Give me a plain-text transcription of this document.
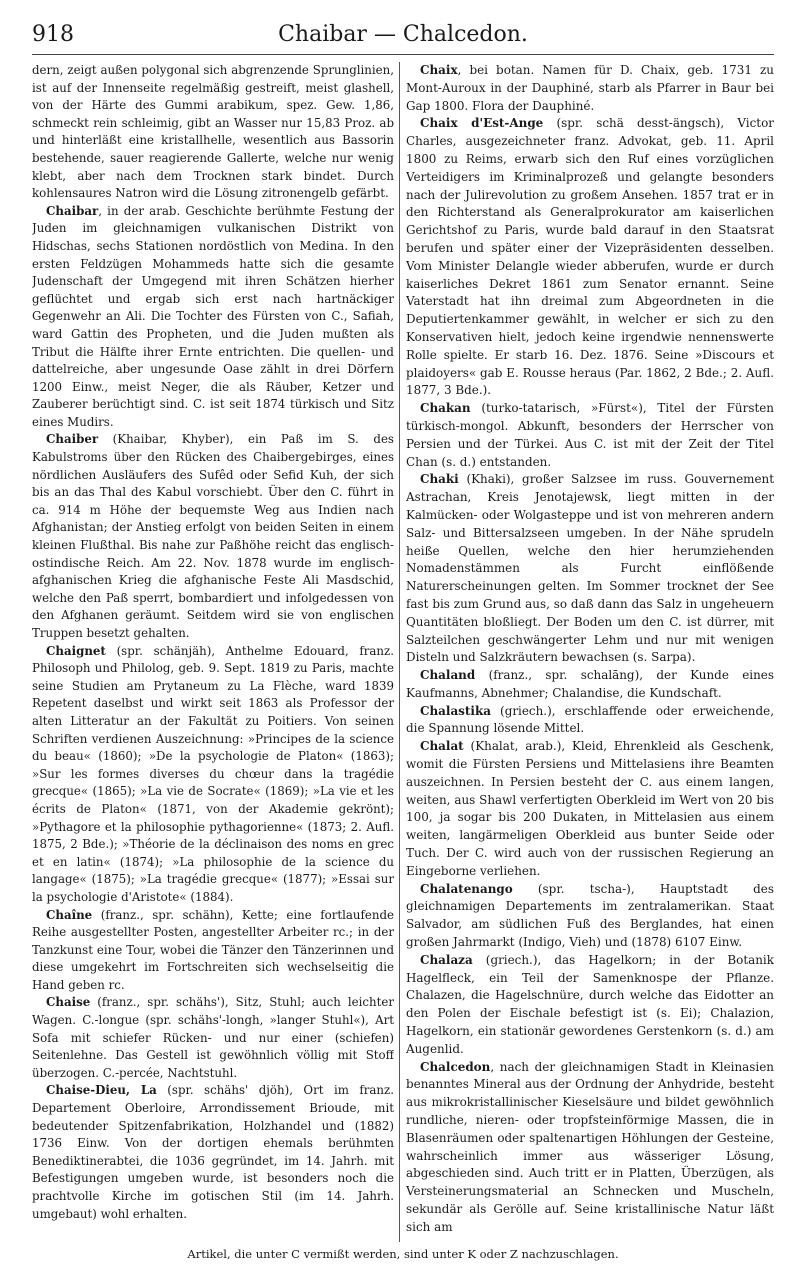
918	Chaibar — Chalcedon.

dern, zeigt außen polygonal sich abgrenzende Sprunglinien, ist auf der Innenseite regelmäßig gestreift, meist glashell, von der Härte des Gummi arabikum, spez. Gew. 1,86, schmeckt rein schleimig, gibt an Wasser nur 15,83 Proz. ab und hinterläßt eine kristallhelle, wesentlich aus Bassorin bestehende, sauer reagierende Gallerte, welche nur wenig klebt, aber nach dem Trocknen stark bindet. Durch kohlensaures Natron wird die Lösung zitronengelb gefärbt.

Chaibar, in der arab. Geschichte berühmte Festung der Juden im gleichnamigen vulkanischen Distrikt von Hidschas, sechs Stationen nordöstlich von Medina. In den ersten Feldzügen Mohammeds hatte sich die gesamte Judenschaft der Umgegend mit ihren Schätzen hierher geflüchtet und ergab sich erst nach hartnäckiger Gegenwehr an Ali. Die Tochter des Fürsten von C., Safiah, ward Gattin des Propheten, und die Juden mußten als Tribut die Hälfte ihrer Ernte entrichten. Die quellen- und dattelreiche, aber ungesunde Oase zählt in drei Dörfern 1200 Einw., meist Neger, die als Räuber, Ketzer und Zauberer berüchtigt sind. C. ist seit 1874 türkisch und Sitz eines Mudirs.

Chaiber (Khaibar, Khyber), ein Paß im S. des Kabulstroms über den Rücken des Chaibergebirges, eines nördlichen Ausläufers des Sufêd oder Sefid Kuh, der sich bis an das Thal des Kabul vorschiebt. Über den C. führt in ca. 914 m Höhe der bequemste Weg aus Indien nach Afghanistan; der Anstieg erfolgt von beiden Seiten in einem kleinen Flußthal. Bis nahe zur Paßhöhe reicht das englisch-ostindische Reich. Am 22. Nov. 1878 wurde im englisch-afghanischen Krieg die afghanische Feste Ali Masdschid, welche den Paß sperrt, bombardiert und infolgedessen von den Afghanen geräumt. Seitdem wird sie von englischen Truppen besetzt gehalten.

Chaignet (spr. schänjäh), Anthelme Edouard, franz. Philosoph und Philolog, geb. 9. Sept. 1819 zu Paris, machte seine Studien am Prytaneum zu La Flèche, ward 1839 Repetent daselbst und wirkt seit 1863 als Professor der alten Litteratur an der Fakultät zu Poitiers. Von seinen Schriften verdienen Auszeichnung: »Principes de la science du beau« (1860); »De la psychologie de Platon« (1863); »Sur les formes diverses du chœur dans la tragédie grecque« (1865); »La vie de Socrate« (1869); »La vie et les écrits de Platon« (1871, von der Akademie gekrönt); »Pythagore et la philosophie pythagorienne« (1873; 2. Aufl. 1875, 2 Bde.); »Théorie de la déclinaison des noms en grec et en latin« (1874); »La philosophie de la science du langage« (1875); »La tragédie grecque« (1877); »Essai sur la psychologie d'Aristote« (1884).

Chaîne (franz., spr. schähn), Kette; eine fortlaufende Reihe ausgestellter Posten, angestellter Arbeiter rc.; in der Tanzkunst eine Tour, wobei die Tänzer den Tänzerinnen und diese umgekehrt im Fortschreiten sich wechselseitig die Hand geben rc.

Chaise (franz., spr. schähs'), Sitz, Stuhl; auch leichter Wagen. C.-longue (spr. schähs'-longh, »langer Stuhl«), Art Sofa mit schiefer Rücken- und nur einer (schiefen) Seitenlehne. Das Gestell ist gewöhnlich völlig mit Stoff überzogen. C.-percée, Nachtstuhl.

Chaise-Dieu, La (spr. schähs' djöh), Ort im franz. Departement Oberloire, Arrondissement Brioude, mit bedeutender Spitzenfabrikation, Holzhandel und (1882) 1736 Einw. Von der dortigen ehemals berühmten Benediktinerabtei, die 1036 gegründet, im 14. Jahrh. mit Befestigungen umgeben wurde, ist besonders noch die prachtvolle Kirche im gotischen Stil (im 14. Jahrh. umgebaut) wohl erhalten.

Chaix, bei botan. Namen für D. Chaix, geb. 1731 zu Mont-Auroux in der Dauphiné, starb als Pfarrer in Baur bei Gap 1800. Flora der Dauphiné.

Chaix d'Est-Ange (spr. schä desst-ängsch), Victor Charles, ausgezeichneter franz. Advokat, geb. 11. April 1800 zu Reims, erwarb sich den Ruf eines vorzüglichen Verteidigers im Kriminalprozeß und gelangte besonders nach der Julirevolution zu großem Ansehen. 1857 trat er in den Richterstand als Generalprokurator am kaiserlichen Gerichtshof zu Paris, wurde bald darauf in den Staatsrat berufen und später einer der Vizepräsidenten desselben. Vom Minister Delangle wieder abberufen, wurde er durch kaiserliches Dekret 1861 zum Senator ernannt. Seine Vaterstadt hat ihn dreimal zum Abgeordneten in die Deputiertenkammer gewählt, in welcher er sich zu den Konservativen hielt, jedoch keine irgendwie nennenswerte Rolle spielte. Er starb 16. Dez. 1876. Seine »Discours et plaidoyers« gab E. Rousse heraus (Par. 1862, 2 Bde.; 2. Aufl. 1877, 3 Bde.).

Chakan (turko-tatarisch, »Fürst«), Titel der Fürsten türkisch-mongol. Abkunft, besonders der Herrscher von Persien und der Türkei. Aus C. ist mit der Zeit der Titel Chan (s. d.) entstanden.

Chaki (Khaki), großer Salzsee im russ. Gouvernement Astrachan, Kreis Jenotajewsk, liegt mitten in der Kalmücken- oder Wolgasteppe und ist von mehreren andern Salz- und Bittersalzseen umgeben. In der Nähe sprudeln heiße Quellen, welche den hier herumziehenden Nomadenstämmen als Furcht einflößende Naturerscheinungen gelten. Im Sommer trocknet der See fast bis zum Grund aus, so daß dann das Salz in ungeheuern Quantitäten bloßliegt. Der Boden um den C. ist dürrer, mit Salzteilchen geschwängerter Lehm und nur mit wenigen Disteln und Salzkräutern bewachsen (s. Sarpa).

Chaland (franz., spr. schalāng), der Kunde eines Kaufmanns, Abnehmer; Chalandise, die Kundschaft.

Chalastika (griech.), erschlaffende oder erweichende, die Spannung lösende Mittel.

Chalat (Khalat, arab.), Kleid, Ehrenkleid als Geschenk, womit die Fürsten Persiens und Mittelasiens ihre Beamten auszeichnen. In Persien besteht der C. aus einem langen, weiten, aus Shawl verfertigten Oberkleid im Wert von 20 bis 100, ja sogar bis 200 Dukaten, in Mittelasien aus einem weiten, langärmeligen Oberkleid aus bunter Seide oder Tuch. Der C. wird auch von der russischen Regierung an Eingeborne verliehen.

Chalatenango (spr. tscha-), Hauptstadt des gleichnamigen Departements im zentralamerikan. Staat Salvador, am südlichen Fuß des Berglandes, hat einen großen Jahrmarkt (Indigo, Vieh) und (1878) 6107 Einw.

Chalaza (griech.), das Hagelkorn; in der Botanik Hagelfleck, ein Teil der Samenknospe der Pflanze. Chalazen, die Hagelschnüre, durch welche das Eidotter an den Polen der Eischale befestigt ist (s. Ei); Chalazion, Hagelkorn, ein stationär gewordenes Gerstenkorn (s. d.) am Augenlid.

Chalcedon, nach der gleichnamigen Stadt in Kleinasien benanntes Mineral aus der Ordnung der Anhydride, besteht aus mikrokristallinischer Kieselsäure und bildet gewöhnlich rundliche, nieren- oder tropfsteinförmige Massen, die in Blasenräumen oder spaltenartigen Höhlungen der Gesteine, wahrscheinlich immer aus wässeriger Lösung, abgeschieden sind. Auch tritt er in Platten, Überzügen, als Versteinerungsmaterial an Schnecken und Muscheln, sekundär als Gerölle auf. Seine kristallinische Natur läßt sich am

Artikel, die unter C vermißt werden, sind unter K oder Z nachzuschlagen.
